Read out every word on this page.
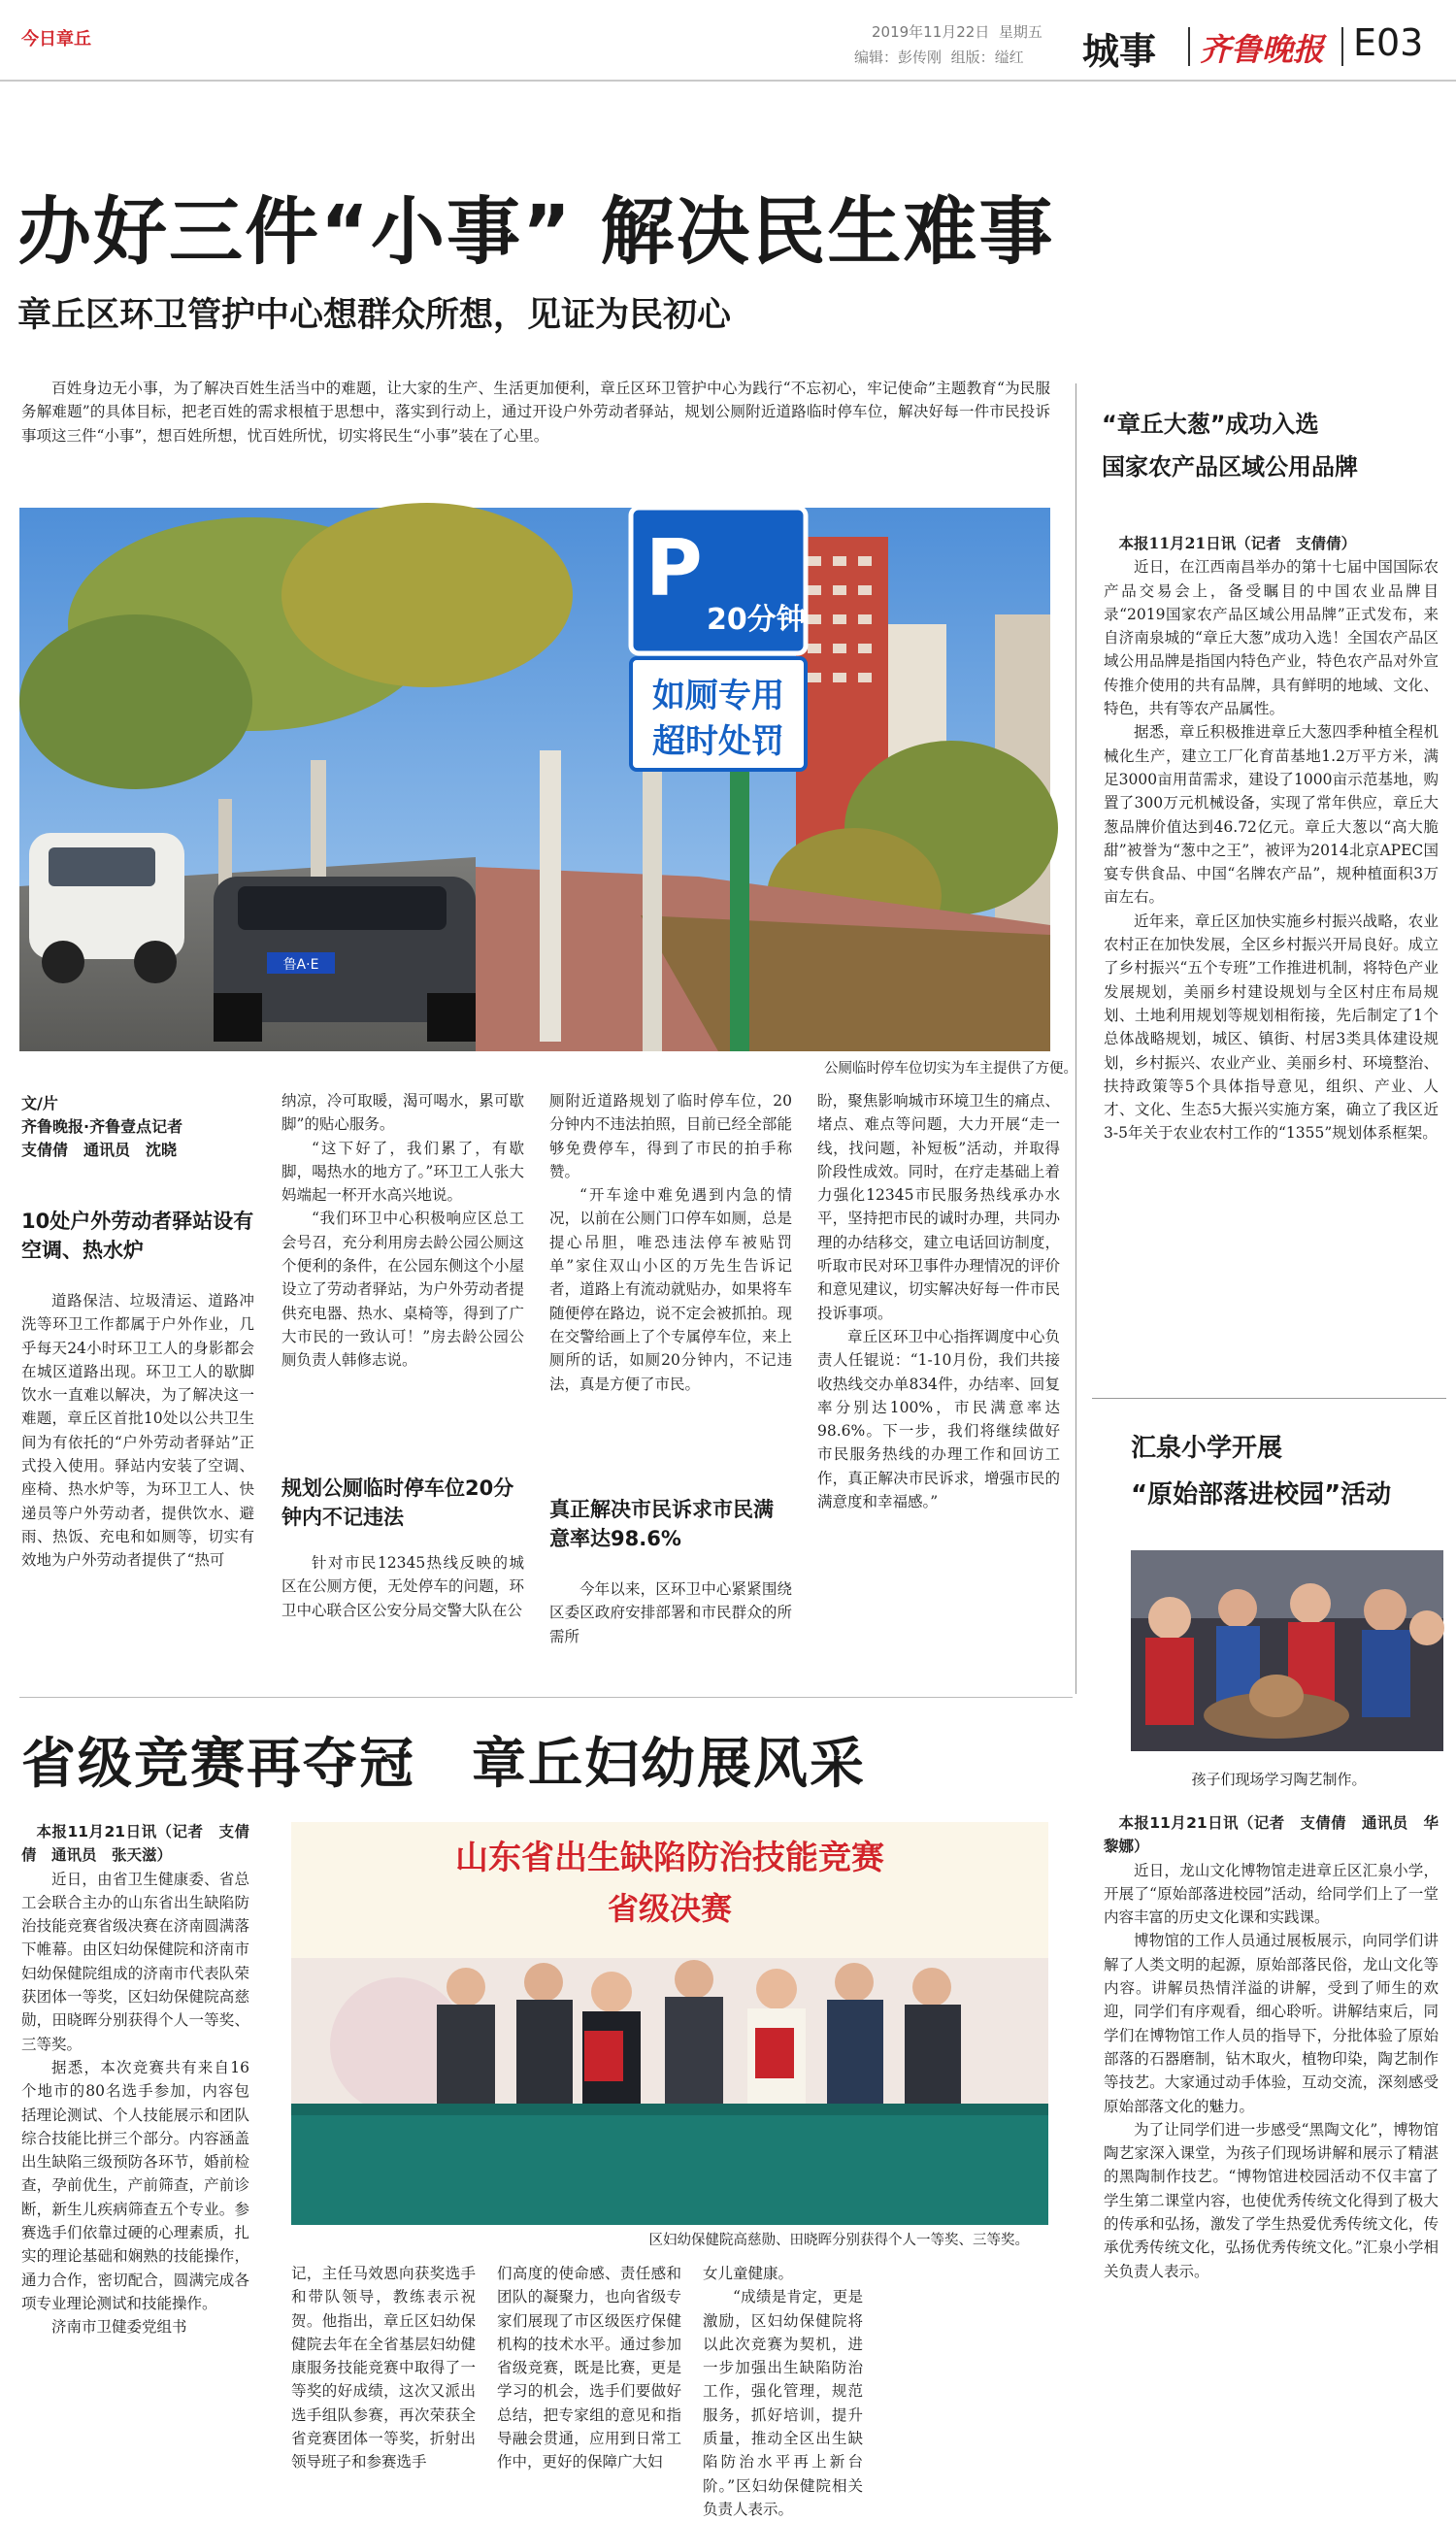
今日章丘	2019年11月22日 星期五
编辑：彭传刚 组版：缢红 城事 齐鲁晚报 E03
办好三件“小事” 解决民生难事
章丘区环卫管护中心想群众所想，见证为民初心

百姓身边无小事，为了解决百姓生活当中的难题，让大家的生产、生活更加便利，章丘区环卫管护中心为践行“不忘初心，牢记使命”主题教育“为民服务解难题”的具体目标，把老百姓的需求根植于思想中，落实到行动上，通过开设户外劳动者驿站，规划公厕附近道路临时停车位，解决好每一件市民投诉事项这三件“小事”，想百姓所想，忧百姓所忧，切实将民生“小事”装在了心里。

鲁A·E
P
20分钟
如厕专用
超时处罚
公厕临时停车位切实为车主提供了方便。
文/片
齐鲁晚报·齐鲁壹点记者
支倩倩　通讯员　沈晓
10处户外劳动者驿站设有空调、热水炉

道路保洁、垃圾清运、道路冲洗等环卫工作都属于户外作业，几乎每天24小时环卫工人的身影都会在城区道路出现。环卫工人的歇脚饮水一直难以解决，为了解决这一难题，章丘区首批10处以公共卫生间为有依托的“户外劳动者驿站”正式投入使用。驿站内安装了空调、座椅、热水炉等，为环卫工人、快递员等户外劳动者，提供饮水、避雨、热饭、充电和如厕等，切实有效地为户外劳动者提供了“热可

纳凉，冷可取暖，渴可喝水，累可歇脚”的贴心服务。

“这下好了，我们累了，有歇脚，喝热水的地方了。”环卫工人张大妈端起一杯开水高兴地说。

“我们环卫中心积极响应区总工会号召，充分利用房去龄公园公厕这个便利的条件，在公园东侧这个小屋设立了劳动者驿站，为户外劳动者提供充电器、热水、桌椅等，得到了广大市民的一致认可！”房去龄公园公厕负责人韩修志说。

规划公厕临时停车位20分钟内不记违法

针对市民12345热线反映的城区在公厕方便，无处停车的问题，环卫中心联合区公安分局交警大队在公

厕附近道路规划了临时停车位，20分钟内不违法拍照，目前已经全部能够免费停车，得到了市民的拍手称赞。

“开车途中难免遇到内急的情况，以前在公厕门口停车如厕，总是提心吊胆，唯恐违法停车被贴罚单”家住双山小区的万先生告诉记者，道路上有流动就贴办，如果将车随便停在路边，说不定会被抓拍。现在交警给画上了个专属停车位，来上厕所的话，如厕20分钟内，不记违法，真是方便了市民。

真正解决市民诉求市民满意率达98.6%

今年以来，区环卫中心紧紧围绕区委区政府安排部署和市民群众的所需所

盼，聚焦影响城市环境卫生的痛点、堵点、难点等问题，大力开展“走一线，找问题，补短板”活动，并取得阶段性成效。同时，在疗走基础上着力强化12345市民服务热线承办水平，坚持把市民的诚时办理，共同办理的办结移交，建立电话回访制度，听取市民对环卫事件办理情况的评价和意见建议，切实解决好每一件市民投诉事项。

章丘区环卫中心指挥调度中心负责人任锟说：“1-10月份，我们共接收热线交办单834件，办结率、回复率分别达100%，市民满意率达98.6%。下一步，我们将继续做好市民服务热线的办理工作和回访工作，真正解决市民诉求，增强市民的满意度和幸福感。”

“章丘大葱”成功入选
国家农产品区域公用品牌

本报11月21日讯（记者　支倩倩）

近日，在江西南昌举办的第十七届中国国际农产品交易会上，备受瞩目的中国农业品牌目录“2019国家农产品区域公用品牌”正式发布，来自济南泉城的“章丘大葱”成功入选！全国农产品区域公用品牌是指国内特色产业，特色农产品对外宣传推介使用的共有品牌，具有鲜明的地域、文化、特色，共有等农产品属性。

据悉，章丘积极推进章丘大葱四季种植全程机械化生产，建立工厂化育苗基地1.2万平方米，满足3000亩用苗需求，建设了1000亩示范基地，购置了300万元机械设备，实现了常年供应，章丘大葱品牌价值达到46.72亿元。章丘大葱以“高大脆甜”被誉为“葱中之王”，被评为2014北京APEC国宴专供食品、中国“名牌农产品”，规种植面积3万亩左右。

近年来，章丘区加快实施乡村振兴战略，农业农村正在加快发展，全区乡村振兴开局良好。成立了乡村振兴“五个专班”工作推进机制，将特色产业发展规划，美丽乡村建设规划与全区村庄布局规划、土地利用规划等规划相衔接，先后制定了1个总体战略规划，城区、镇街、村居3类具体建设规划，乡村振兴、农业产业、美丽乡村、环境整治、扶持政策等5个具体指导意见，组织、产业、人才、文化、生态5大振兴实施方案，确立了我区近3-5年关于农业农村工作的“1355”规划体系框架。

汇泉小学开展
“原始部落进校园”活动
孩子们现场学习陶艺制作。

本报11月21日讯（记者　支倩倩　通讯员　华黎娜）

近日，龙山文化博物馆走进章丘区汇泉小学，开展了“原始部落进校园”活动，给同学们上了一堂内容丰富的历史文化课和实践课。

博物馆的工作人员通过展板展示，向同学们讲解了人类文明的起源，原始部落民俗，龙山文化等内容。讲解员热情洋溢的讲解，受到了师生的欢迎，同学们有序观看，细心聆听。讲解结束后，同学们在博物馆工作人员的指导下，分批体验了原始部落的石器磨制，钻木取火，植物印染，陶艺制作等技艺。大家通过动手体验，互动交流，深刻感受原始部落文化的魅力。

为了让同学们进一步感受“黑陶文化”，博物馆陶艺家深入课堂，为孩子们现场讲解和展示了精湛的黑陶制作技艺。“博物馆进校园活动不仅丰富了学生第二课堂内容，也使优秀传统文化得到了极大的传承和弘扬，激发了学生热爱优秀传统文化，传承优秀传统文化，弘扬优秀传统文化。”汇泉小学相关负责人表示。

省级竞赛再夺冠　章丘妇幼展风采

本报11月21日讯（记者　支倩倩　通讯员　张天滋）

近日，由省卫生健康委、省总工会联合主办的山东省出生缺陷防治技能竞赛省级决赛在济南圆满落下帷幕。由区妇幼保健院和济南市妇幼保健院组成的济南市代表队荣获团体一等奖，区妇幼保健院高慈勋，田晓晖分别获得个人一等奖、三等奖。

据悉，本次竞赛共有来自16个地市的80名选手参加，内容包括理论测试、个人技能展示和团队综合技能比拼三个部分。内容涵盖出生缺陷三级预防各环节，婚前检查，孕前优生，产前筛查，产前诊断，新生儿疾病筛查五个专业。参赛选手们依靠过硬的心理素质，扎实的理论基础和娴熟的技能操作，通力合作，密切配合，圆满完成各项专业理论测试和技能操作。

济南市卫健委党组书

山东省出生缺陷防治技能竞赛
省级决赛
区妇幼保健院高慈勋、田晓晖分别获得个人一等奖、三等奖。

记，主任马效恩向获奖选手和带队领导，教练表示祝贺。他指出，章丘区妇幼保健院去年在全省基层妇幼健康服务技能竞赛中取得了一等奖的好成绩，这次又派出选手组队参赛，再次荣获全省竞赛团体一等奖，折射出领导班子和参赛选手

们高度的使命感、责任感和团队的凝聚力，也向省级专家们展现了市区级医疗保健机构的技术水平。通过参加省级竞赛，既是比赛，更是学习的机会，选手们要做好总结，把专家组的意见和指导融会贯通，应用到日常工作中，更好的保障广大妇

女儿童健康。

“成绩是肯定，更是激励，区妇幼保健院将以此次竞赛为契机，进一步加强出生缺陷防治工作，强化管理，规范服务，抓好培训，提升质量，推动全区出生缺陷防治水平再上新台阶。”区妇幼保健院相关负责人表示。
